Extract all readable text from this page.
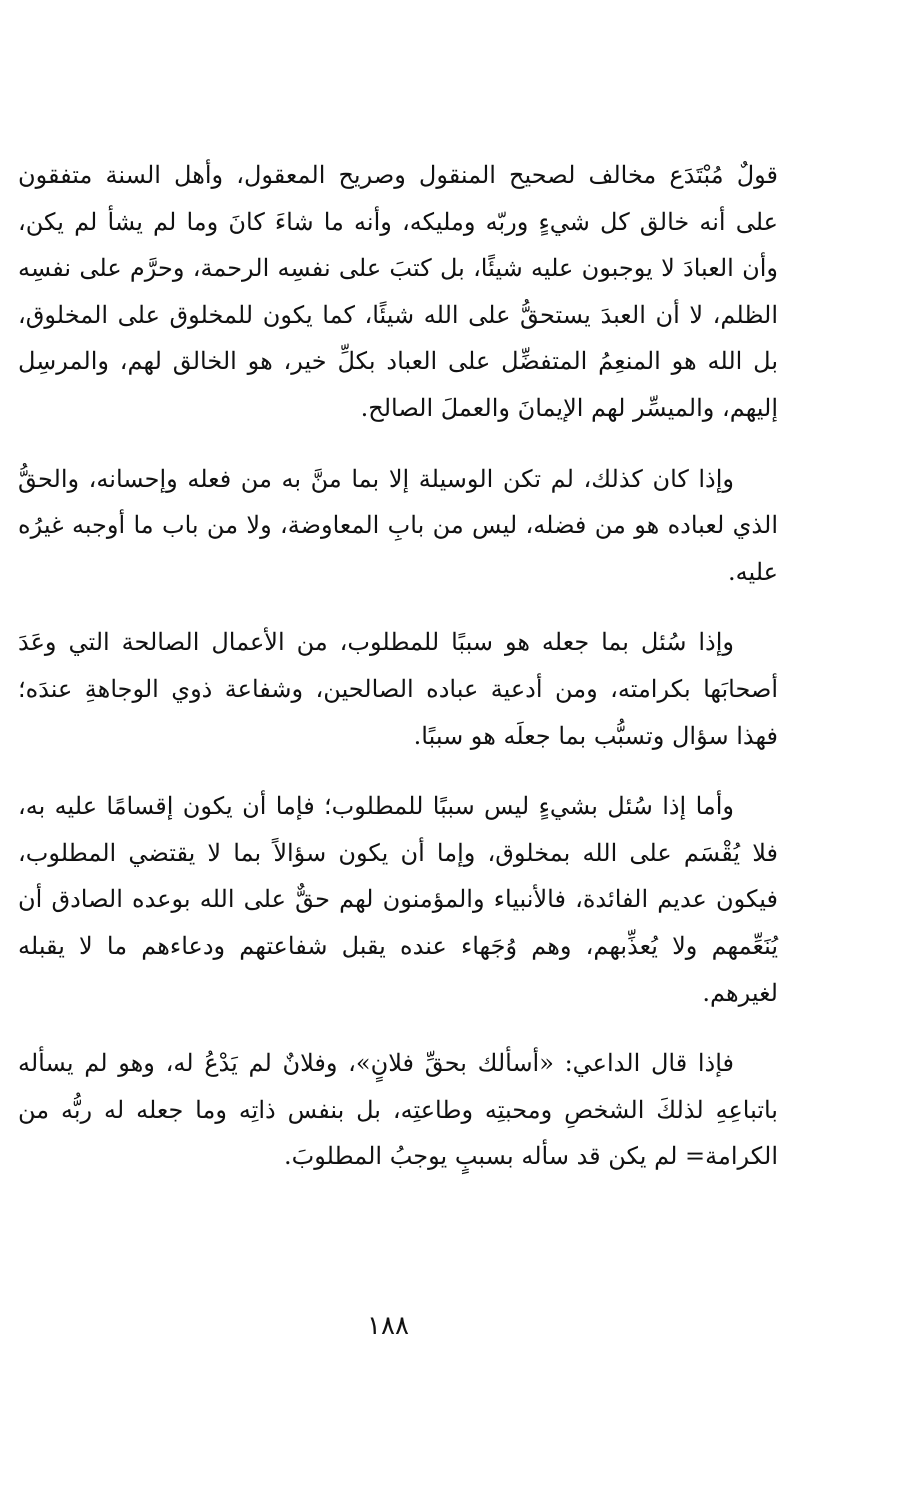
قولٌ مُبْتَدَع مخالف لصحيح المنقول وصريح المعقول، وأهل السنة متفقون على أنه خالق كل شيءٍ وربّه ومليكه، وأنه ما شاءَ كانَ وما لم يشأ لم يكن، وأن العبادَ لا يوجبون عليه شيئًا، بل كتبَ على نفسِه الرحمة، وحرَّم على نفسِه الظلم، لا أن العبدَ يستحقُّ على الله شيئًا، كما يكون للمخلوق على المخلوق، بل الله هو المنعِمُ المتفضِّل على العباد بكلِّ خير، هو الخالق لهم، والمرسِل إليهم، والميسِّر لهم الإيمانَ والعملَ الصالح.

وإذا كان كذلك، لم تكن الوسيلة إلا بما منَّ به من فعله وإحسانه، والحقُّ الذي لعباده هو من فضله، ليس من بابِ المعاوضة، ولا من باب ما أوجبه غيرُه عليه.

وإذا سُئل بما جعله هو سببًا للمطلوب، من الأعمال الصالحة التي وعَدَ أصحابَها بكرامته، ومن أدعية عباده الصالحين، وشفاعة ذوي الوجاهةِ عندَه؛ فهذا سؤال وتسبُّب بما جعلَه هو سببًا.

وأما إذا سُئل بشيءٍ ليس سببًا للمطلوب؛ فإما أن يكون إقسامًا عليه به، فلا يُقْسَم على الله بمخلوق، وإما أن يكون سؤالاً بما لا يقتضي المطلوب، فيكون عديم الفائدة، فالأنبياء والمؤمنون لهم حقٌّ على الله بوعده الصادق أن يُنَعِّمهم ولا يُعذِّبهم، وهم وُجَهاء عنده يقبل شفاعتهم ودعاءهم ما لا يقبله لغيرهم.

فإذا قال الداعي: «أسألك بحقِّ فلانٍ»، وفلانٌ لم يَدْعُ له، وهو لم يسأله باتباعِهِ لذلكَ الشخصِ ومحبتِه وطاعتِه، بل بنفس ذاتِه وما جعله له ربُّه من الكرامة= لم يكن قد سأله بسببٍ يوجبُ المطلوبَ.

١٨٨
